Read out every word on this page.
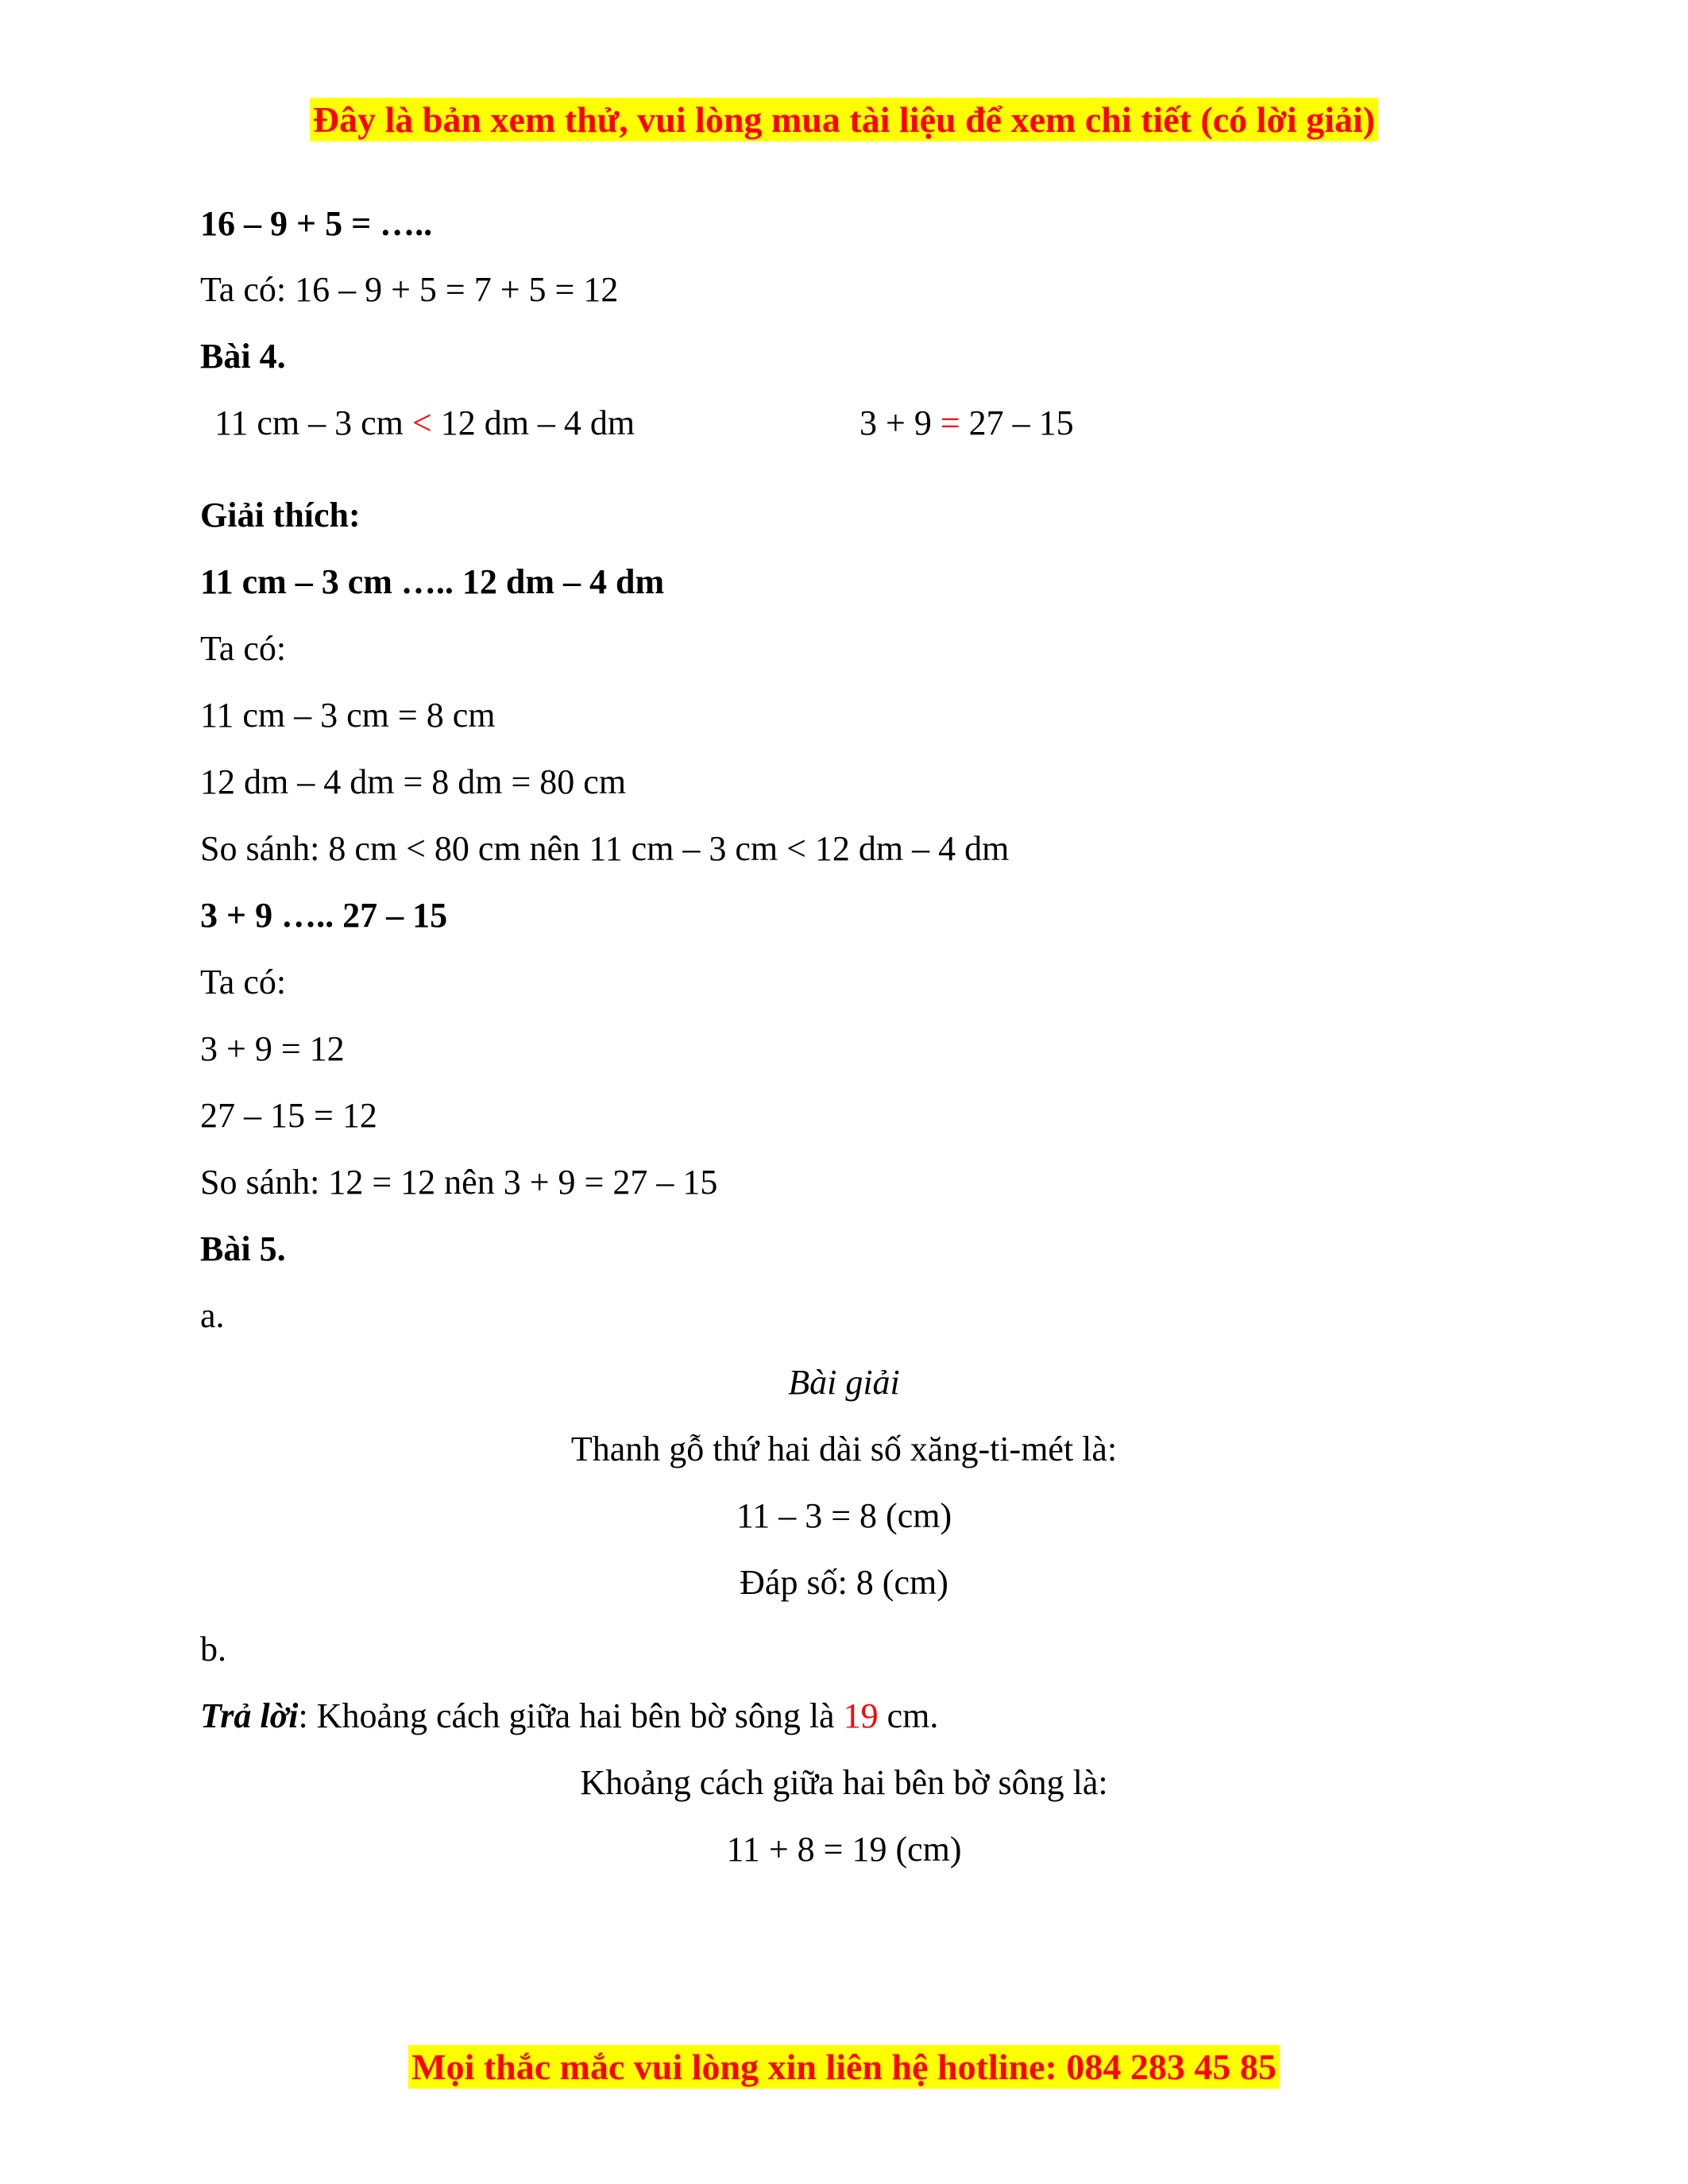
Đây là bản xem thử, vui lòng mua tài liệu để xem chi tiết (có lời giải)
16 – 9 + 5 = …..
Ta có: 16 – 9 + 5 = 7 + 5 = 12
Bài 4.
11 cm – 3 cm < 12 dm – 4 dm	3 + 9 = 27 – 15
Giải thích:
11 cm – 3 cm ….. 12 dm – 4 dm
Ta có:
11 cm – 3 cm = 8 cm
12 dm – 4 dm = 8 dm = 80 cm
So sánh: 8 cm < 80 cm nên 11 cm – 3 cm < 12 dm – 4 dm
3 + 9 ….. 27 – 15
Ta có:
3 + 9 = 12
27 – 15 = 12
So sánh: 12 = 12 nên 3 + 9 = 27 – 15
Bài 5.
a.
Bài giải
Thanh gỗ thứ hai dài số xăng-ti-mét là:
11 – 3 = 8 (cm)
Đáp số: 8 (cm)
b.
Trả lời: Khoảng cách giữa hai bên bờ sông là 19 cm.
Khoảng cách giữa hai bên bờ sông là:
11 + 8 = 19 (cm)
Mọi thắc mắc vui lòng xin liên hệ hotline: 084 283 45 85
